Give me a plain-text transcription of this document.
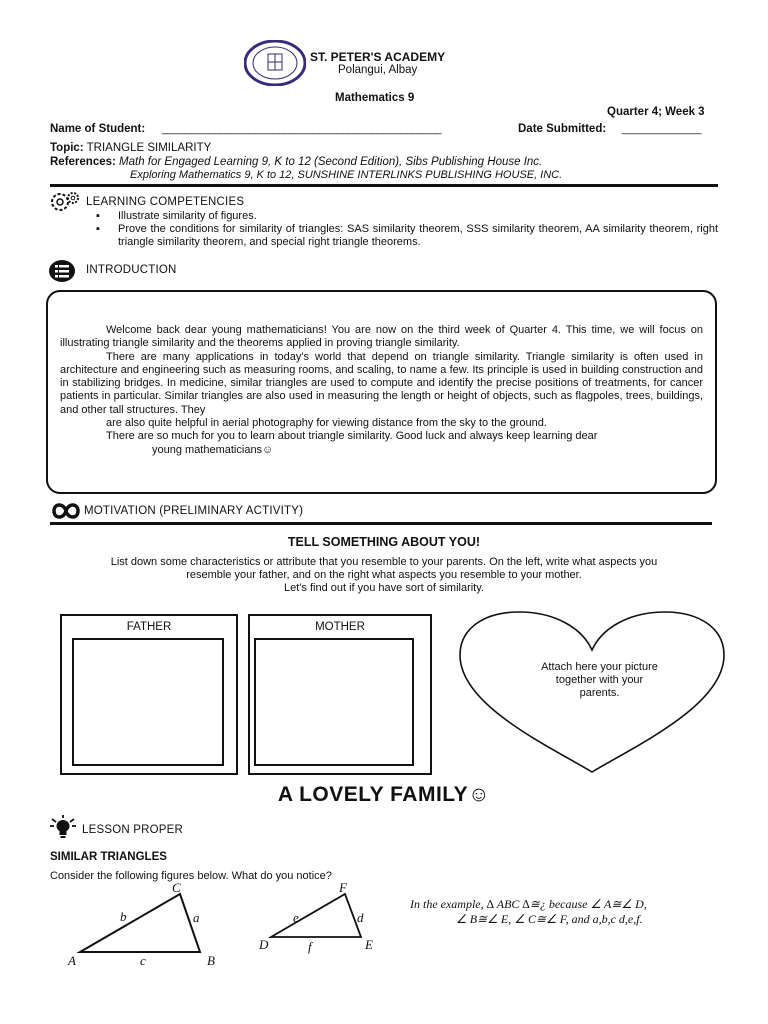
ST. PETER'S ACADEMY
Polangui, Albay
Mathematics 9
Quarter 4; Week 3
Name of Student: ________________________________________________	Date Submitted: _____________
Topic: TRIANGLE SIMILARITY
References: Math for Engaged Learning 9, K to 12 (Second Edition), Sibs Publishing House Inc.
Exploring Mathematics 9, K to 12, SUNSHINE INTERLINKS PUBLISHING HOUSE, INC.
LEARNING COMPETENCIES
▪ Illustrate similarity of figures.
▪ Prove the conditions for similarity of triangles: SAS similarity theorem, SSS similarity theorem, AA similarity theorem, right triangle similarity theorem, and special right triangle theorems.
INTRODUCTION

Welcome back dear young mathematicians! You are now on the third week of Quarter 4. This time, we will focus on illustrating triangle similarity and the theorems applied in proving triangle similarity.

There are many applications in today's world that depend on triangle similarity. Triangle similarity is often used in architecture and engineering such as measuring rooms, and scaling, to name a few. Its principle is used in building construction and in stabilizing bridges. In medicine, similar triangles are used to compute and identify the precise positions of treatments, for cancer patients in particular. Similar triangles are also used in measuring the length or height of objects, such as flagpoles, trees, buildings, and other tall structures. They

are also quite helpful in aerial photography for viewing distance from the sky to the ground.

There are so much for you to learn about triangle similarity. Good luck and always keep learning dear

young mathematicians☺

MOTIVATION (PRELIMINARY ACTIVITY)
TELL SOMETHING ABOUT YOU!
List down some characteristics or attribute that you resemble to your parents. On the left, write what aspects you
resemble your father, and on the right what aspects you resemble to your mother.
Let's find out if you have sort of similarity.
FATHER	MOTHER
Attach here your picture
together with your
parents.
A LOVELY FAMILY☺
LESSON PROPER
SIMILAR TRIANGLES
Consider the following figures below. What do you notice?
C
b	a
A	c	B
F
e	d
D	f	E
In the example, ∆ ABC ∆≅¿ because ∠ A≅∠ D,
∠ B≅∠ E, ∠ C≅∠ F, and a,b,c d,e,f.
